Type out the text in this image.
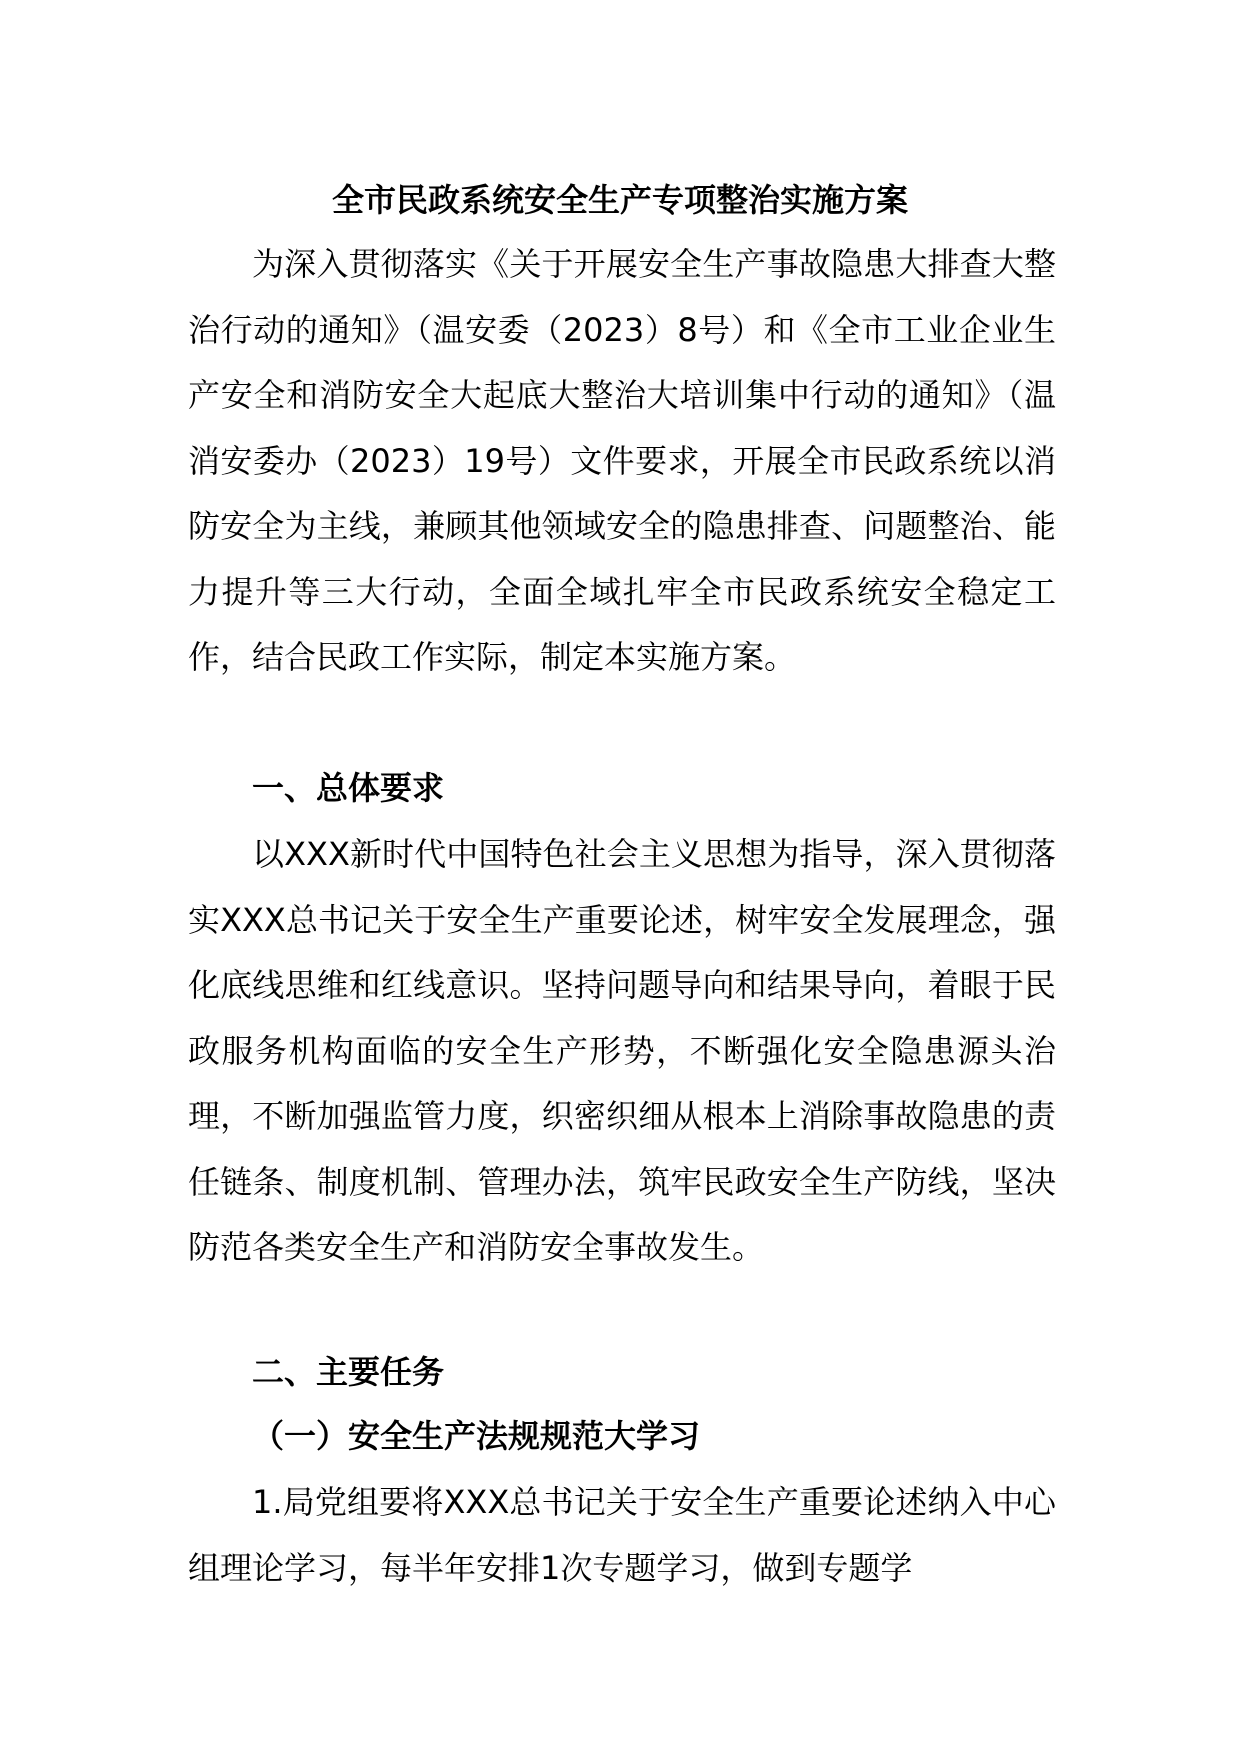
全市民政系统安全生产专项整治实施方案
为深入贯彻落实《关于开展安全生产事故隐患大排查大整治行动的通知》（温安委（2023）8号）和《全市工业企业生产安全和消防安全大起底大整治大培训集中行动的通知》（温消安委办（2023）19号）文件要求，开展全市民政系统以消防安全为主线，兼顾其他领域安全的隐患排查、问题整治、能力提升等三大行动，全面全域扎牢全市民政系统安全稳定工作，结合民政工作实际，制定本实施方案。
一、总体要求
以XXX新时代中国特色社会主义思想为指导，深入贯彻落实XXX总书记关于安全生产重要论述，树牢安全发展理念，强化底线思维和红线意识。坚持问题导向和结果导向，着眼于民政服务机构面临的安全生产形势，不断强化安全隐患源头治理，不断加强监管力度，织密织细从根本上消除事故隐患的责任链条、制度机制、管理办法，筑牢民政安全生产防线，坚决防范各类安全生产和消防安全事故发生。
二、主要任务
（一）安全生产法规规范大学习
1.局党组要将XXX总书记关于安全生产重要论述纳入中心组理论学习，每半年安排1次专题学习，做到专题学
